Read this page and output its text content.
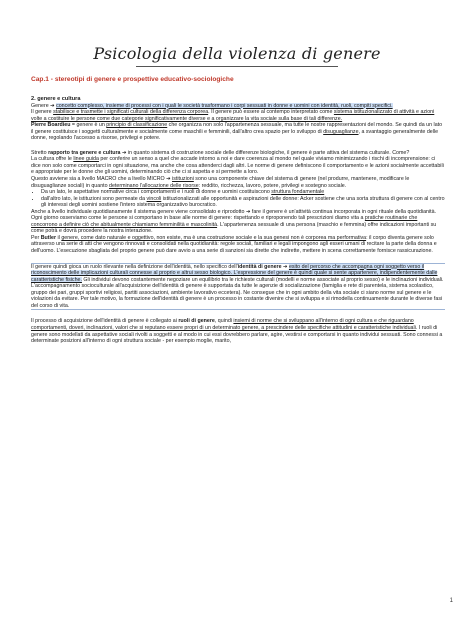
Psicologia della violenza di genere
Cap.1 - stereotipi di genere e prospettive educativo-sociologiche
2. genere e cultura

Genere ➔ concetto complesso, insieme di processi con i quali le società trasformano i corpi sessuati in donne e uomini con identità, ruoli, compiti specifici.

Il genere stabilisce e trasmette i significati culturali della differenza corporea. Il genere può essere al contempo interpretato come sistema istituzionalizzato di attività e azioni volte a costituire le persone come due categorie significativamente diverse e a organizzare la vita sociale sulla base di tali differenze.

Pierre Boardieu = genere è un principio di classificazione che organizza non solo l'appartenenza sessuale, ma tutte le nostre rappresentazioni del mondo. Se quindi da un lato il genere costituisce i soggetti culturalmente e socialmente come maschili e femminili, dall'altro crea spazio per lo sviluppo di disuguaglianze, a svantaggio generalmente delle donne, regolando l'accesso a risorse, privilegi e potere.

Stretto rapporto tra genere e cultura ➔ in quanto sistema di costruzione sociale delle differenze biologiche, il genere è parte attiva del sistema culturale. Come?

La cultura offre le linee guida per conferire un senso a quel che accade intorno a noi e dare coerenza al mondo nel quale viviamo minimizzando i rischi di incomprensione: ci dice non solo come comportarci in ogni situazione, ma anche che cosa attenderci dagli altri. Le norme di genere definiscono il comportamento e le azioni socialmente accettabili e appropriate per le donne che gli uomini, determinando ciò che ci si aspetta e si permette a loro.

Questo avviene sia a livello MACRO che a livello MICRO ➔ istituzioni sono una componente chiave del sistema di genere (nel produrre, mantenere, modificare le disuguaglianze sociali) in quanto determinano l'allocazione delle risorse: reddito, ricchezza, lavoro, potere, privilegi e sostegno sociale.

• Da un lato, le aspettative normative circa i comportamenti e i ruoli di donne e uomini costituiscono struttura fondamentale
• dall'altro lato, le istituzioni sono permeate da vincoli istituzionalizzati alle opportunità e aspirazioni delle donne: Acker sostiene che una sorta struttura di genere con al centro gli interessi degli uomini sostiene l'intero sistema organizzativo burocratico.

Anche a livello individuale quotidianamente il sistema genere viene consolidato e riprodotto ➔ fare il genere è un'attività continua incorporata in ogni rituale della quotidianità. Ogni giorno osserviamo come le persone si comportano in base alle norme di genere: rispettando e riproponendo tali prescrizioni diamo vita a pratiche routinarie che concorrono a definire ciò che abitualmente chiamiamo femminilità e mascolinità. L'appartenenza sessuale di una persona (maschio e femmina) offre indicazioni importanti su come potrà e dovrà procedere la nostra interazione.

Per Butler il genere, come dato naturale e oggettivo, non esiste, ma è una costruzione sociale e la sua genesi non è corporea ma performativa: il corpo diventa genere solo attraverso una serie di atti che vengono rinnovati e consolidati nella quotidianità: regole sociali, familiari e legali impongono agli esseri umani di recitare la parte della donna e dell'uomo. L'esecuzione sbagliata del proprio genere può dare avvio a una serie di sanzioni sia dirette che indirette, mettere in scena correttamente fornisce rassicurazione.

Il genere quindi gioca un ruolo rilevante nella definizione dell'identità, nello specifico dell'identità di genere ➔ esito del percorso che accompagna ogni soggetto verso il riconoscimento delle implicazioni culturali connesse al proprio e altrui sesso biologico. L'espressione del genere è quindi quale si sente appartenere, indipendentemente dalle caratteristiche fisiche. Gli individui devono costantemente negoziare un equilibrio tra le richieste culturali (modelli e norme associate al proprio sesso) e le inclinazioni individuali. L'accompagnamento socioculturale all'acquisizione dell'identità di genere è supportata da tutte le agenzie di socializzazione (famiglia e rete di parentela, sistema scolastico, gruppo dei pari, gruppi sportivi religiosi, partiti associazioni, ambiente lavorativo eccetera). Ne consegue che in ogni ambito della vita sociale ci siano norme sul genere e le violazioni da evitare. Per tale motivo, la formazione dell'identità di genere è un processo in costante divenire che si sviluppa e si rimodella continuamente durante le diverse fasi del corso di vita.

Il processo di acquisizione dell'identità di genere è collegato ai ruoli di genere, quindi insiemi di norme che si sviluppano all'interno di ogni cultura e che riguardano comportamenti, doveri, inclinazioni, valori che si reputano essere propri di un determinato genere, a prescindere delle specifiche attitudini e caratteristiche individuali. I ruoli di genere sono modellati da aspettative sociali rivolti a soggetti e al modo in cui essi dovrebbero parlare, agire, vestirsi e comportarsi in quanto individui sessuati. Sono connessi a determinate posizioni all'interno di ogni struttura sociale - per esempio moglie, marito,

1
